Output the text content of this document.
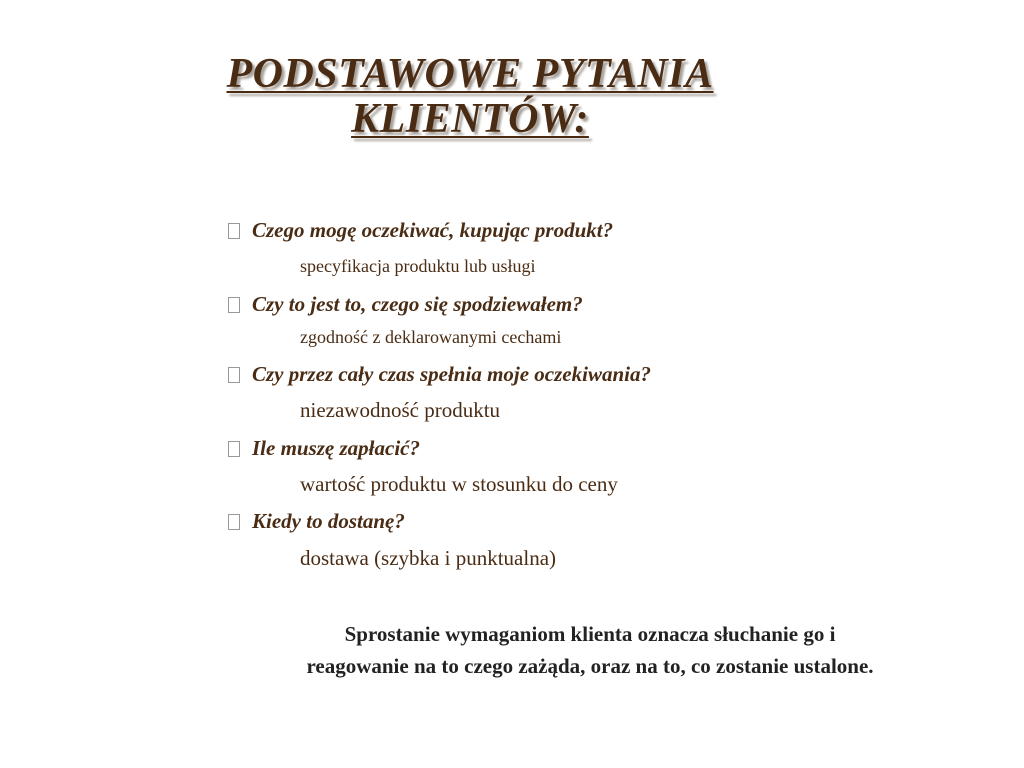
PODSTAWOWE PYTANIA
KLIENTÓW:
Czego mogę oczekiwać, kupując produkt?
specyfikacja produktu lub usługi
Czy to jest to, czego się spodziewałem?
zgodność z deklarowanymi cechami
Czy przez cały czas spełnia moje oczekiwania?
niezawodność produktu
Ile muszę zapłacić?
wartość produktu w stosunku do ceny
Kiedy to dostanę?
dostawa (szybka i punktualna)

Sprostanie wymaganiom klienta oznacza słuchanie go i
reagowanie na to czego zażąda, oraz na to, co zostanie ustalone.
